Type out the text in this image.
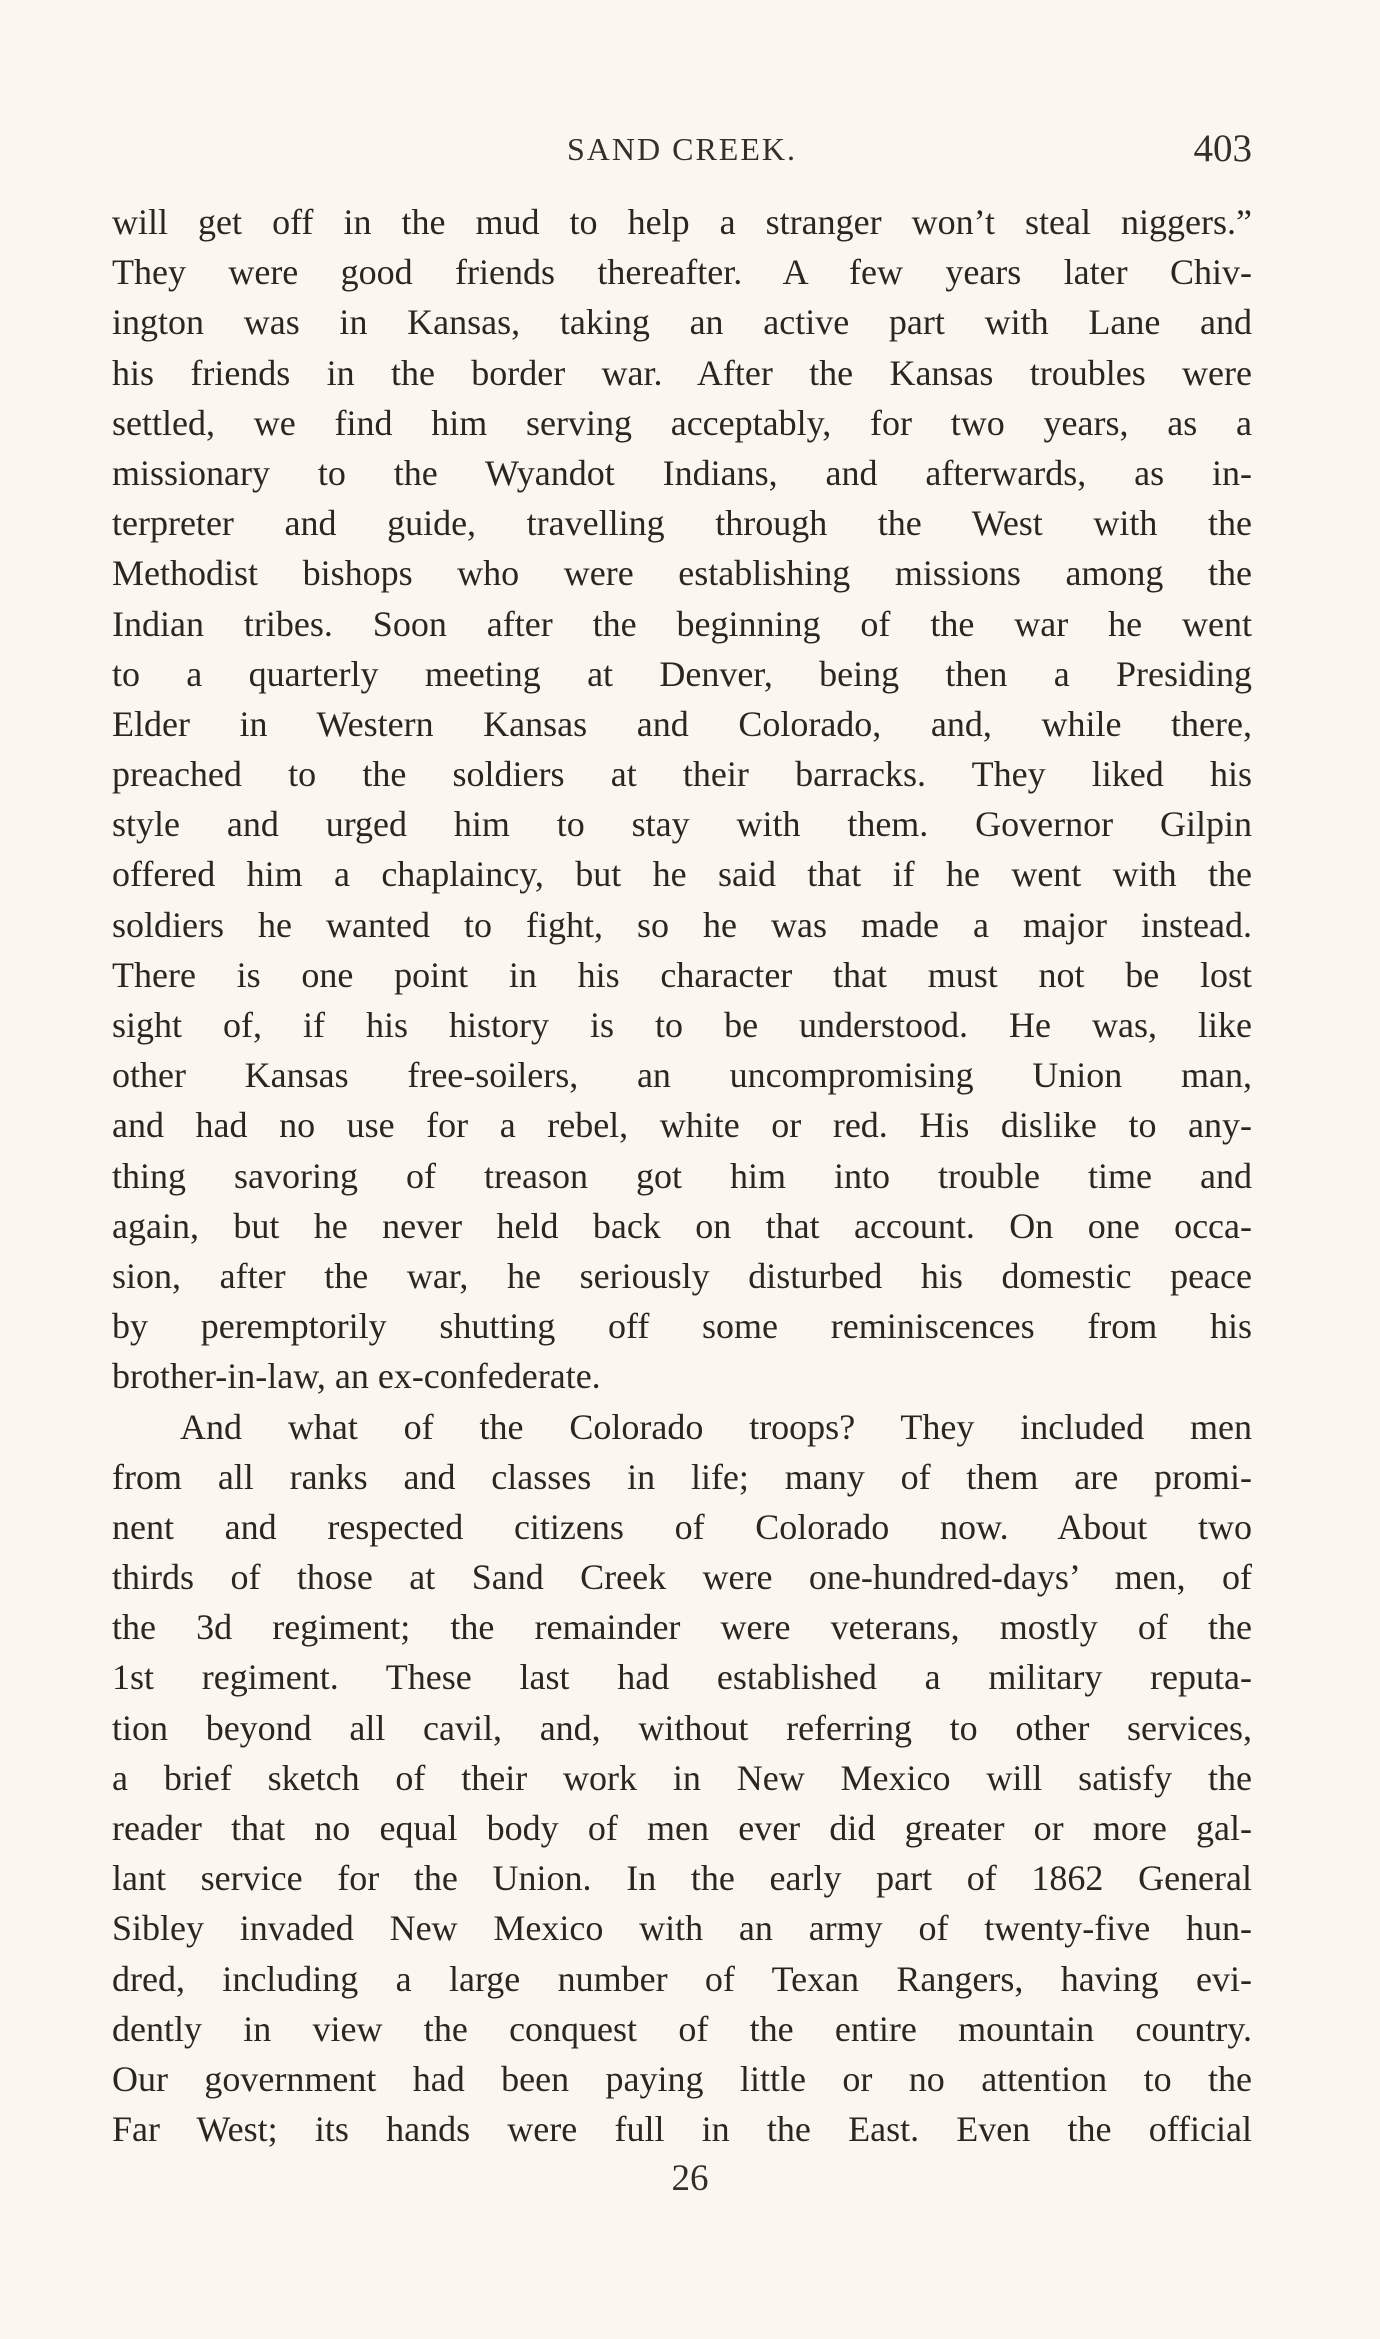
SAND CREEK.	403
will get off in the mud to help a stranger won’t steal niggers.”
They were good friends thereafter. A few years later Chiv-
ington was in Kansas, taking an active part with Lane and
his friends in the border war. After the Kansas troubles were
settled, we find him serving acceptably, for two years, as a
missionary to the Wyandot Indians, and afterwards, as in-
terpreter and guide, travelling through the West with the
Methodist bishops who were establishing missions among the
Indian tribes. Soon after the beginning of the war he went
to a quarterly meeting at Denver, being then a Presiding
Elder in Western Kansas and Colorado, and, while there,
preached to the soldiers at their barracks. They liked his
style and urged him to stay with them. Governor Gilpin
offered him a chaplaincy, but he said that if he went with the
soldiers he wanted to fight, so he was made a major instead.
There is one point in his character that must not be lost
sight of, if his history is to be understood. He was, like
other Kansas free-soilers, an uncompromising Union man,
and had no use for a rebel, white or red. His dislike to any-
thing savoring of treason got him into trouble time and
again, but he never held back on that account. On one occa-
sion, after the war, he seriously disturbed his domestic peace
by peremptorily shutting off some reminiscences from his
brother-in-law, an ex-confederate.
And what of the Colorado troops? They included men
from all ranks and classes in life; many of them are promi-
nent and respected citizens of Colorado now. About two
thirds of those at Sand Creek were one-hundred-days’ men, of
the 3d regiment; the remainder were veterans, mostly of the
1st regiment. These last had established a military reputa-
tion beyond all cavil, and, without referring to other services,
a brief sketch of their work in New Mexico will satisfy the
reader that no equal body of men ever did greater or more gal-
lant service for the Union. In the early part of 1862 General
Sibley invaded New Mexico with an army of twenty-five hun-
dred, including a large number of Texan Rangers, having evi-
dently in view the conquest of the entire mountain country.
Our government had been paying little or no attention to the
Far West; its hands were full in the East. Even the official
26
